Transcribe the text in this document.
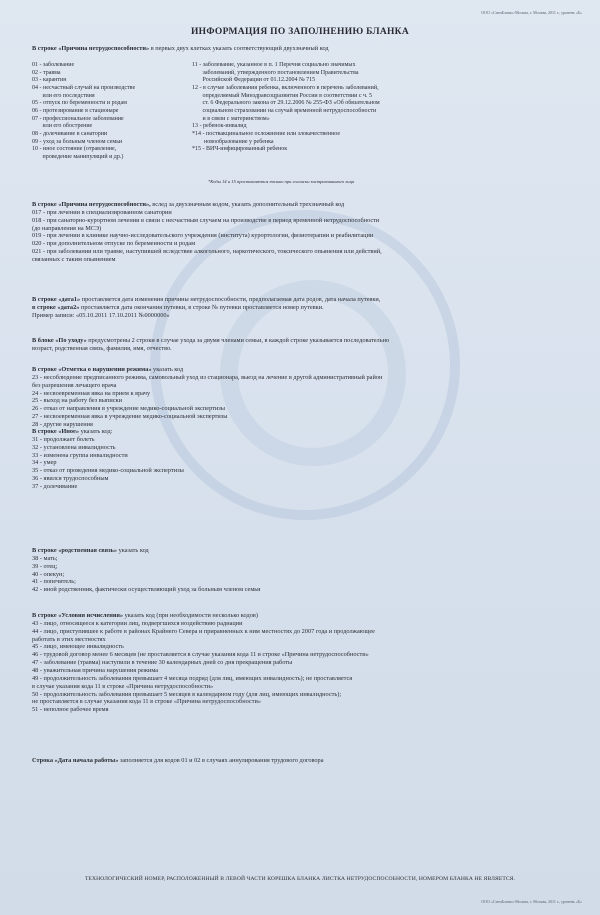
ООО «СитиБланк»-Москва, г. Москва, 2011 г., уровень «Б»
ИНФОРМАЦИЯ ПО ЗАПОЛНЕНИЮ БЛАНКА
В строке «Причина нетрудоспособности» в первых двух клетках указать соответствующий двухзначный код
01 - заболевание
02 - травма
03 - карантин
04 - несчастный случай на производстве
или его последствия
05 - отпуск по беременности и родам
06 - протезирование в стационаре
07 - профессиональное заболевание
или его обострение
08 - долечивание в санатории
09 - уход за больным членом семьи
10 - иное состояние (отравление,
проведение манипуляций и др.)
11 - заболевание, указанное в п. 1 Перечня социально значимых
заболеваний, утвержденного постановлением Правительства
Российской Федерации от 01.12.2004 № 715
12 - в случае заболевания ребенка, включенного в перечень заболеваний,
определяемый Минздравсоцразвития России в соответствии с ч. 5
ст. 6 Федерального закона от 29.12.2006 № 255-ФЗ «Об обязательном
социальном страховании на случай временной нетрудоспособности
и в связи с материнством»
13 - ребенок-инвалид
*14 - поствакцинальное осложнение или злокачественное
новообразование у ребенка
*15 - ВИЧ-инфицированный ребенок
*Коды 14 и 15 проставляются только при согласии застрахованного лица
В строке «Причина нетрудоспособности», вслед за двухзначным кодом, указать дополнительный трехзначный код
017 - при лечении в специализированном санатории
018 - при санаторно-курортном лечении в связи с несчастным случаем на производстве в период временной нетрудоспособности
(до направления на МСЭ)
019 - при лечении в клинике научно-исследовательского учреждения (института) курортологии, физиотерапии и реабилитации
020 - при дополнительном отпуске по беременности и родам
021 - при заболевании или травме, наступившей вследствие алкогольного, наркотического, токсического опьянения или действий,
связанных с таким опьянением
В строке «дата1» проставляется дата изменения причины нетрудоспособности, предполагаемая дата родов, дата начала путевки,
в строке «дата2» проставляется дата окончания путевки, в строке № путевки проставляется номер путевки.
Пример записи: «05.10.2011 17.10.2011 №0000000»
В блоке «По уходу» предусмотрены 2 строки в случае ухода за двумя членами семьи, в каждой строке указывается последовательно
возраст, родственная связь, фамилия, имя, отчество.
В строке «Отметка о нарушении режима» указать код
23 - несоблюдение предписанного режима, самовольный уход из стационара, выезд на лечение в другой административный район
без разрешения лечащего врача
24 - несвоевременная явка на прием к врачу
25 - выход на работу без выписки
26 - отказ от направления в учреждение медико-социальной экспертизы
27 - несвоевременная явка в учреждение медико-социальной экспертизы
28 - другие нарушения
В строке «Иное» указать код:
31 - продолжает болеть
32 - установлена инвалидность
33 - изменена группа инвалидности
34 - умер
35 - отказ от проведения медико-социальной экспертизы
36 - явился трудоспособным
37 - долечивание
В строке «родственная связь» указать код
38 - мать;
39 - отец;
40 - опекун;
41 - попечитель;
42 - иной родственник, фактически осуществляющий уход за больным членом семьи
В строке «Условия исчисления» указать код (при необходимости несколько кодов)
43 - лицо, относящееся к категории лиц, подвергшихся воздействию радиации
44 - лицо, приступившее к работе в районах Крайнего Севера и приравненных к ним местностях до 2007 года и продолжающее
работать в этих местностях
45 - лицо, имеющее инвалидность
46 - трудовой договор менее 6 месяцев (не проставляется в случае указания кода 11 в строке «Причина нетрудоспособности»
47 - заболевание (травма) наступили в течение 30 календарных дней со дня прекращения работы
48 - уважительная причина нарушения режима
49 - продолжительность заболевания превышает 4 месяца подряд (для лиц, имеющих инвалидность); не проставляется
в случае указания кода 11 в строке «Причина нетрудоспособности»
50 - продолжительность заболевания превышает 5 месяцев в календарном году (для лиц, имеющих инвалидность);
не проставляется в случае указания кода 11 в строке «Причина нетрудоспособности»
51 - неполное рабочее время
Строка «Дата начала работы» заполняется для кодов 01 и 02 в случаях аннулирования трудового договора
ТЕХНОЛОГИЧЕСКИЙ НОМЕР, РАСПОЛОЖЕННЫЙ В ЛЕВОЙ ЧАСТИ КОРЕШКА БЛАНКА ЛИСТКА НЕТРУДОСПОСОБНОСТИ, НОМЕРОМ БЛАНКА НЕ ЯВЛЯЕТСЯ.
ООО «СитиБланк»-Москва, г. Москва, 2011 г., уровень «Б»
